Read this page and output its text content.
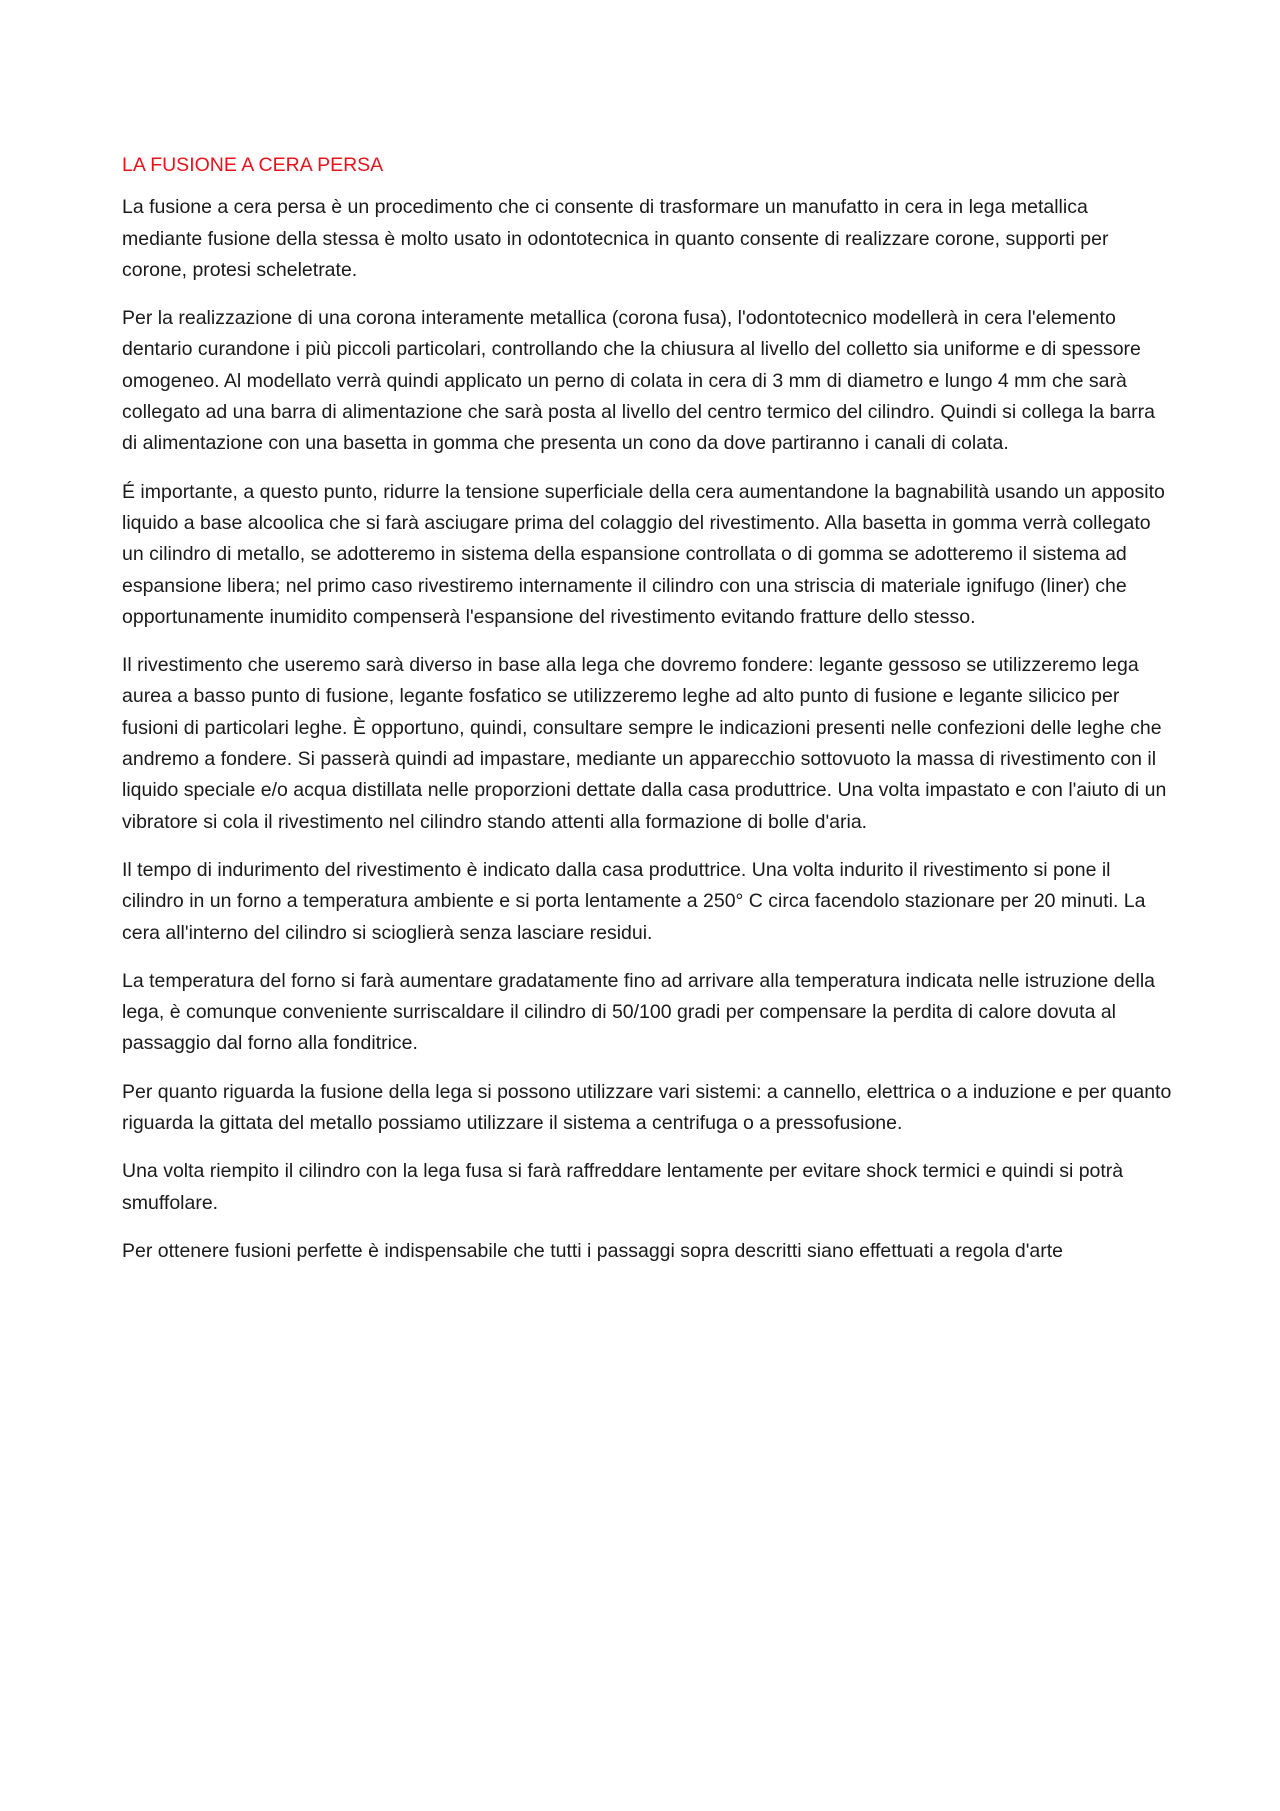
LA FUSIONE A CERA PERSA

La fusione a cera persa è un procedimento che ci consente di trasformare un manufatto in cera in lega metallica mediante fusione della stessa è molto usato in odontotecnica in quanto consente di realizzare corone, supporti per corone, protesi scheletrate.

Per la realizzazione di una corona interamente metallica (corona fusa), l'odontotecnico modellerà in cera l'elemento dentario curandone i più piccoli particolari, controllando che la chiusura al livello del colletto sia uniforme e di spessore omogeneo. Al modellato verrà quindi applicato un perno di colata in cera di 3 mm di diametro e lungo 4 mm che sarà collegato ad una barra di alimentazione che sarà posta al livello del centro termico del cilindro. Quindi si collega la barra di alimentazione con una basetta in gomma che presenta un cono da dove partiranno i canali di colata.

É importante, a questo punto, ridurre la tensione superficiale della cera aumentandone la bagnabilità usando un apposito liquido a base alcoolica che si farà asciugare prima del colaggio del rivestimento. Alla basetta in gomma verrà collegato un cilindro di metallo, se adotteremo in sistema della espansione controllata o di gomma se adotteremo il sistema ad espansione libera; nel primo caso rivestiremo internamente il cilindro con una striscia di materiale ignifugo (liner) che opportunamente inumidito compenserà l'espansione del rivestimento evitando fratture dello stesso.

Il rivestimento che useremo sarà diverso in base alla lega che dovremo fondere: legante gessoso se utilizzeremo lega aurea a basso punto di fusione, legante fosfatico se utilizzeremo leghe ad alto punto di fusione e legante silicico per fusioni di particolari leghe. È opportuno, quindi, consultare sempre le indicazioni presenti nelle confezioni delle leghe che andremo a fondere. Si passerà quindi ad impastare, mediante un apparecchio sottovuoto la massa di rivestimento con il liquido speciale e/o acqua distillata nelle proporzioni dettate dalla casa produttrice. Una volta impastato e con l'aiuto di un vibratore si cola il rivestimento nel cilindro stando attenti alla formazione di bolle d'aria.

Il tempo di indurimento del rivestimento è indicato dalla casa produttrice. Una volta indurito il rivestimento si pone il cilindro in un forno a temperatura ambiente e si porta lentamente a 250° C circa facendolo stazionare per 20 minuti. La cera all'interno del cilindro si scioglierà senza lasciare residui.

La temperatura del forno si farà aumentare gradatamente fino ad arrivare alla temperatura indicata nelle istruzione della lega, è comunque conveniente surriscaldare il cilindro di 50/100 gradi per compensare la perdita di calore dovuta al passaggio dal forno alla fonditrice.

Per quanto riguarda la fusione della lega si possono utilizzare vari sistemi: a cannello, elettrica o a induzione e per quanto riguarda la gittata del metallo possiamo utilizzare il sistema a centrifuga o a pressofusione.

Una volta riempito il cilindro con la lega fusa si farà raffreddare lentamente per evitare shock termici e quindi si potrà smuffolare.

Per ottenere fusioni perfette è indispensabile che tutti i passaggi sopra descritti siano effettuati a regola d'arte
